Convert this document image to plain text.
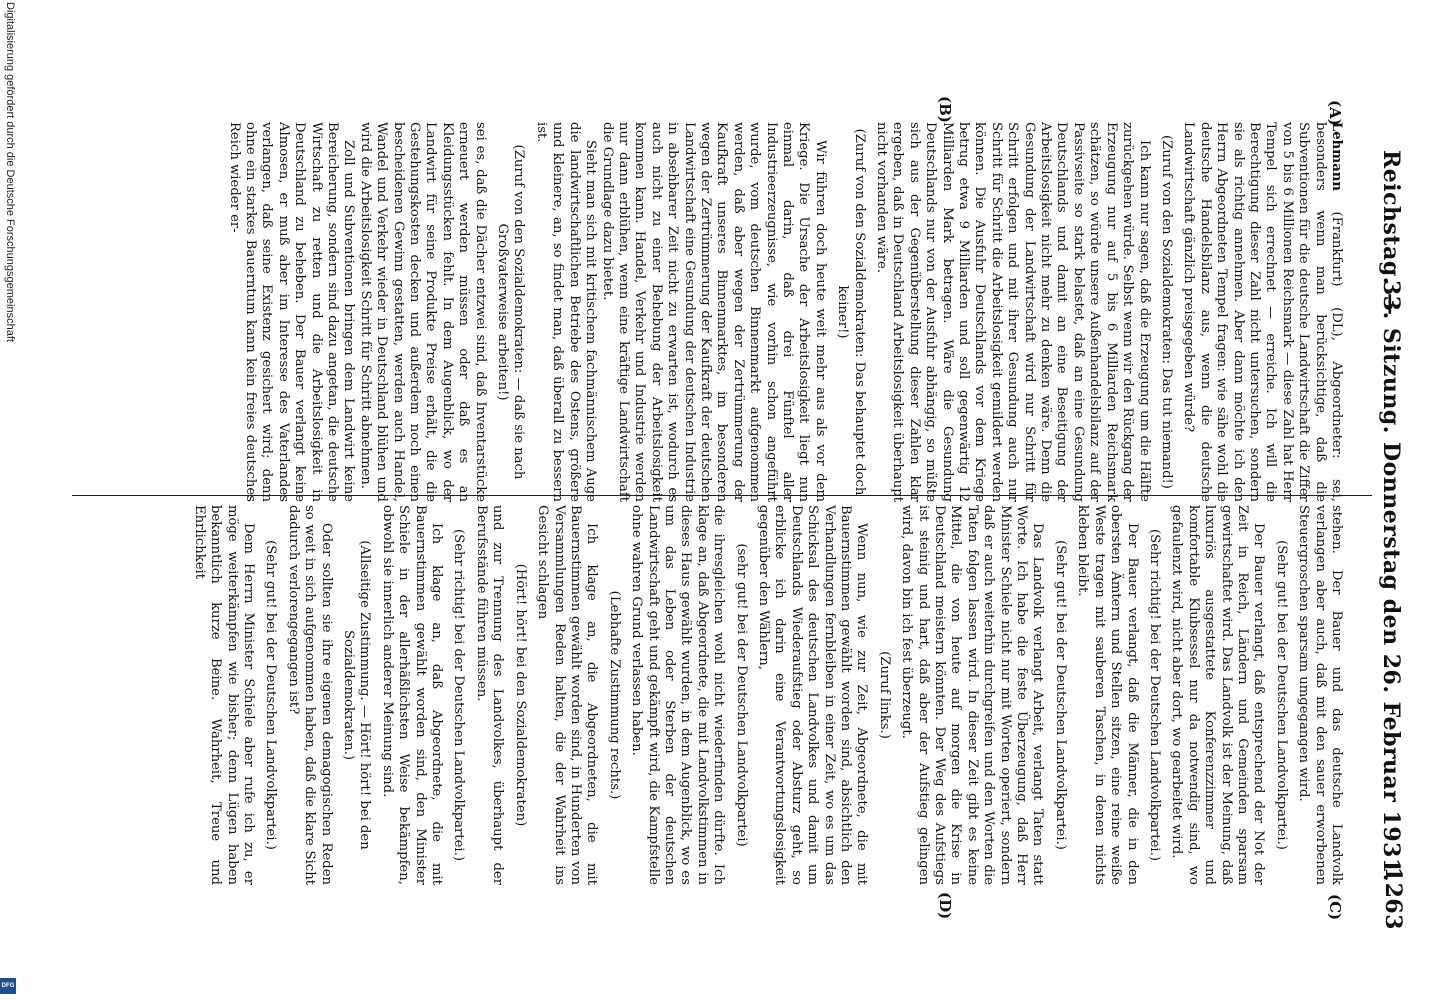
Reichstag. —
33. Sitzung. Donnerstag den 26. Februar 1931.
1263
(A)
(B)
(C)
(D)

Lehmann (Frankfurt) (DL), Abgeordneter: sei, besonders wenn man berücksichtige, daß die Subventionen für die deutsche Landwirtschaft die Ziffer von 5 bis 6 Millionen Reichsmark — diese Zahl hat Herr Tempel sich errechnet — erreiche. Ich will die Berechtigung dieser Zahl nicht untersuchen, sondern sie als richtig annehmen. Aber dann möchte ich den Herrn Abgeordneten Tempel fragen: wie sähe wohl die deutsche Handelsbilanz aus, wenn die deutsche Landwirtschaft gänzlich preisgegeben würde?

(Zuruf von den Sozialdemokraten: Das tut niemand!)

Ich kann nur sagen, daß die Erzeugung um die Hälfte zurückgehen würde. Selbst wenn wir den Rückgang der Erzeugung nur auf 5 bis 6 Milliarden Reichsmark schätzen, so würde unsere Außenhandelsbilanz auf der Passivseite so stark belastet, daß an eine Gesundung Deutschlands und damit an eine Beseitigung der Arbeitslosigkeit nicht mehr zu denken wäre. Denn die Gesundung der Landwirtschaft wird nur Schritt für Schritt erfolgen und mit ihrer Gesundung auch nur Schritt für Schritt die Arbeitslosigkeit gemildert werden können. Die Ausfuhr Deutschlands vor dem Kriege betrug etwa 9 Milliarden und soll gegenwärtig 12 Milliarden Mark betragen. Wäre die Gesundung Deutschlands nur von der Ausfuhr abhängig, so müßte sich aus der Gegenüberstellung dieser Zahlen klar ergeben, daß in Deutschland Arbeitslosigkeit überhaupt nicht vorhanden wäre.

(Zuruf von den Sozialdemokraten: Das behauptet doch keiner!)

Wir führen doch heute weit mehr aus als vor dem Kriege. Die Ursache der Arbeitslosigkeit liegt nun einmal darin, daß drei Fünftel aller Industrieerzeugnisse, wie vorhin schon angeführt wurde, vom deutschen Binnenmarkt aufgenommen werden, daß aber wegen der Zertrümmerung der Kaufkraft unseres Binnenmarktes, im besonderen wegen der Zertrümmerung der Kaufkraft der deutschen Landwirtschaft eine Gesundung der deutschen Industrie in absehbarer Zeit nicht zu erwarten ist, wodurch es auch nicht zu einer Behebung der Arbeitslosigkeit kommen kann. Handel, Verkehr und Industrie werden nur dann erblühen, wenn eine kräftige Landwirtschaft die Grundlage dazu bietet.

Sieht man sich mit kritischem fachmännischem Auge die landwirtschaftlichen Betriebe des Ostens, größere und kleinere, an, so findet man, daß überall zu bessern ist.

(Zuruf von den Sozialdemokraten: — daß sie nach Großvaterweise arbeiten!)

sei es, daß die Dächer entzwei sind, daß Inventarstücke erneuert werden müssen oder daß es an Kleidungsstücken fehlt. In dem Augenblick, wo der Landwirt für seine Produkte Preise erhält, die die Gestehungskosten decken und außerdem noch einen bescheidenen Gewinn gestatten, werden auch Handel, Wandel und Verkehr wieder in Deutschland blühen und wird die Arbeitslosigkeit Schritt für Schritt abnehmen.

Zoll und Subventionen bringen dem Landwirt keine Bereicherung, sondern sind dazu angetan, die deutsche Wirtschaft zu retten und die Arbeitslosigkeit in Deutschland zu beheben. Der Bauer verlangt keine Almosen, er muß aber im Interesse des Vaterlandes verlangen, daß seine Existenz gesichert wird; denn ohne ein starkes Bauerntum kann kein freies deutsches Reich wieder er-

stehen. Der Bauer und das deutsche Landvolk verlangen aber auch, daß mit den sauer erworbenen Steuergroschen sparsam umgegangen wird.

(Sehr gut! bei der Deutschen Landvolkpartei.)

Der Bauer verlangt, daß entsprechend der Not der Zeit in Reich, Ländern und Gemeinden sparsam gewirtschaftet wird. Das Landvolk ist der Meinung, daß luxuriös ausgestattete Konferenzzimmer und komfortable Klubsessel nur da notwendig sind, wo gefaulenzt wird, nicht aber dort, wo gearbeitet wird.

(Sehr richtig! bei der Deutschen Landvolkpartei.)

Der Bauer verlangt, daß die Männer, die in den obersten Ämtern und Stellen sitzen, eine reine weiße Weste tragen mit sauberen Taschen, in denen nichts kleben bleibt.

(Sehr gut! bei der Deutschen Landvolkpartei.)

Das Landvolk verlangt Arbeit, verlangt Taten statt Worte. Ich habe die feste Überzeugung, daß Herr Minister Schiele nicht nur mit Worten operiert, sondern daß er auch weiterhin durchgreifen und den Worten die Taten folgen lassen wird. In dieser Zeit gibt es keine Mittel, die von heute auf morgen die Krise in Deutschland meistern könnten. Der Weg des Aufstiegs ist steinig und hart, daß aber der Aufstieg gelingen wird, davon bin ich fest überzeugt.

(Zuruf links.)

Wenn nun, wie zur Zeit, Abgeordnete, die mit Bauernstimmen gewählt worden sind, absichtlich den Verhandlungen fernbleiben in einer Zeit, wo es um das Schicksal des deutschen Landvolkes und damit um Deutschlands Wiederaufstieg oder Absturz geht, so erblicke ich darin eine Verantwortungslosigkeit gegenüber den Wählern,

(sehr gut! bei der Deutschen Landvolkpartei)

die ihresgleichen wohl nicht wiederfinden dürfte. Ich klage an, daß Abgeordnete, die mit Landvolkstimmen in dieses Haus gewählt wurden, in dem Augenblick, wo es um das Leben oder Sterben der deutschen Landwirtschaft geht und gekämpft wird, die Kampfstelle ohne wahren Grund verlassen haben.

(Lebhafte Zustimmung rechts.)

Ich klage an, die Abgeordneten, die mit Bauernstimmen gewählt worden sind, in Hunderten von Versammlungen Reden halten, die der Wahrheit ins Gesicht schlagen

(Hört! hört! bei den Sozialdemokraten)

und zur Trennung des Landvolkes, überhaupt der Berufsstände führen müssen.

(Sehr richtig! bei der Deutschen Landvolkpartei.)

Ich klage an, daß Abgeordnete, die mit Bauernstimmen gewählt worden sind, den Minister Schiele in der allerhäßlichsten Weise bekämpfen, obwohl sie innerlich anderer Meinung sind.

(Allseitige Zustimmung. — Hört! hört! bei den Sozialdemokraten.)

Oder sollten sie ihre eigenen demagogischen Reden so weit in sich aufgenommen haben, daß die klare Sicht dadurch verlorengegangen ist?

(Sehr gut! bei der Deutschen Landvolkpartei.)

Dem Herrn Minister Schiele aber rufe ich zu, er möge weiterkämpfen wie bisher; denn Lügen haben bekanntlich kurze Beine. Wahrheit, Treue und Ehrlichkeit

Digitalisierung gefördert durch die Deutsche Forschungsgemeinschaft
DFG
